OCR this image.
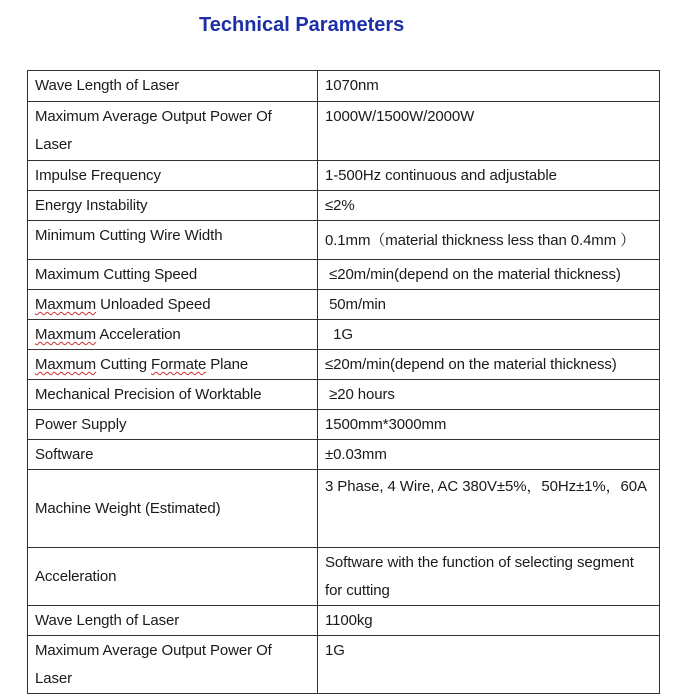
Technical Parameters
Wave Length of Laser	1070nm
Maximum Average Output Power Of Laser	1000W/1500W/2000W
Impulse Frequency	1-500Hz continuous and adjustable
Energy Instability	≤2%
Minimum Cutting Wire Width	0.1mm（material thickness less than 0.4mm ）
Maximum Cutting Speed	≤20m/min(depend on the material thickness)
Maxmum Unloaded Speed	50m/min
Maxmum Acceleration	1G
Maxmum Cutting Formate Plane	≤20m/min(depend on the material thickness)
Mechanical Precision of Worktable	≥20 hours
Power Supply	1500mm*3000mm
Software	±0.03mm
Machine Weight (Estimated)	3 Phase, 4 Wire, AC 380V±5%，50Hz±1%，60A
Acceleration	Software with the function of selecting segment for cutting
Wave Length of Laser	1100kg
Maximum Average Output Power Of Laser	1G
